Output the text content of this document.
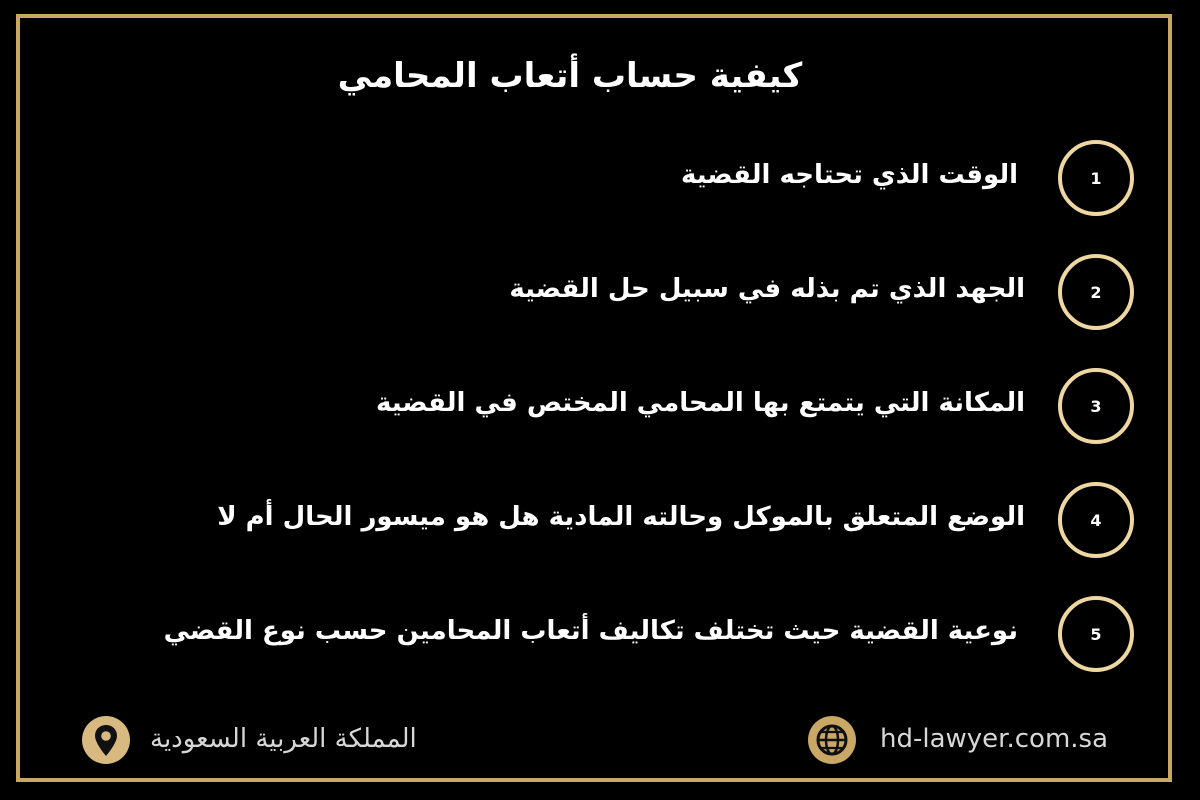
كيفية حساب أتعاب المحامي
1
الوقت الذي تحتاجه القضية
2
الجهد الذي تم بذله في سبيل حل القضية
3
المكانة التي يتمتع بها المحامي المختص في القضية
4
الوضع المتعلق بالموكل وحالته المادية هل هو ميسور الحال أم لا
5
نوعية القضية حيث تختلف تكاليف أتعاب المحامين حسب نوع القضي
المملكة العربية السعودية	hd-lawyer.com.sa
